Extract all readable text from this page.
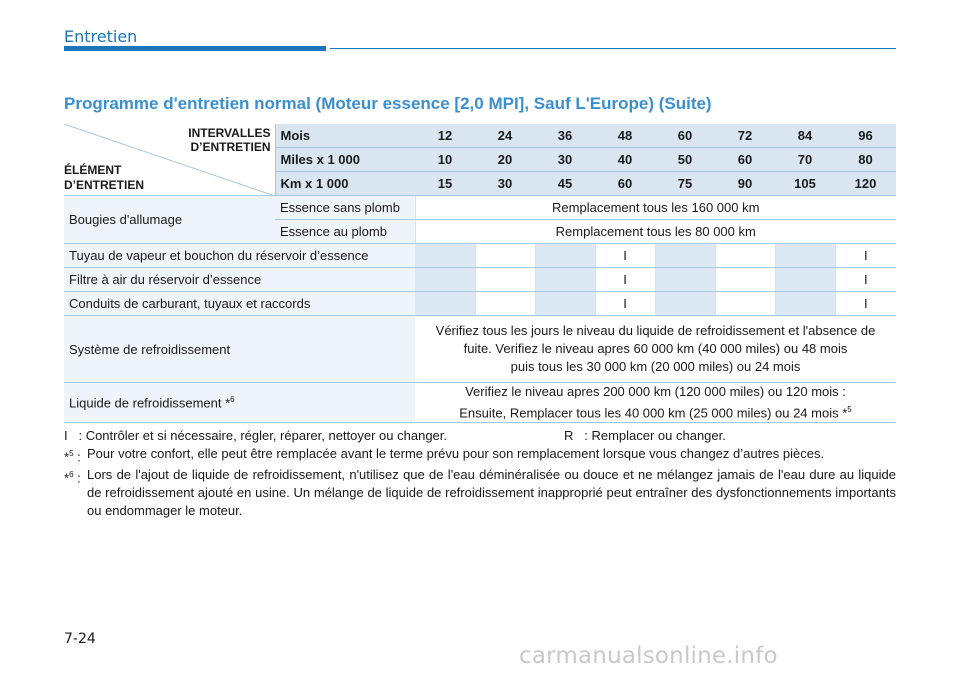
Entretien
Programme d'entretien normal (Moteur essence [2,0 MPI], Sauf L'Europe) (Suite)
INTERVALLES
D’ENTRETIEN
ÉLÉMENT
D’ENTRETIEN	Mois	12	24	36	48	60	72	84	96
	Miles x 1 000	10	20	30	40	50	60	70	80
	Km x 1 000	15	30	45	60	75	90	105	120
Bougies d'allumage	Essence sans plomb	Remplacement tous les 160 000 km							
	Essence au plomb	Remplacement tous les 80 000 km							
Tuyau de vapeur et bouchon du réservoir d’essence					I				I
Filtre à air du réservoir d’essence					I				I
Conduits de carburant, tuyaux et raccords					I				I
Système de refroidissement		Vérifiez tous les jours le niveau du liquide de refroidissement et l'absence de
fuite. Verifiez le niveau apres 60 000 km (40 000 miles) ou 48 mois
puis tous les 30 000 km (20 000 miles) ou 24 mois							

Liquide de refroidissement *$^6$		Verifiez le niveau apres 200 000 km (120 000 miles) ou 120 mois :
Ensuite, Remplacer tous les 40 000 km (25 000 miles) ou 24 mois *$^5$
I : Contrôler et si nécessaire, régler, réparer, nettoyer ou changer.	R : Remplacer ou changer.
*$^5$ : Pour votre confort, elle peut être remplacée avant le terme prévu pour son remplacement lorsque vous changez d’autres pièces.
*$^6$ : Lors de l'ajout de liquide de refroidissement, n'utilisez que de l'eau déminéralisée ou douce et ne mélangez jamais de l'eau dure au liquide de refroidissement ajouté en usine. Un mélange de liquide de refroidissement inapproprié peut entraîner des dysfonctionnements importants ou endommager le moteur.
7-24
carmanualsonline.info
